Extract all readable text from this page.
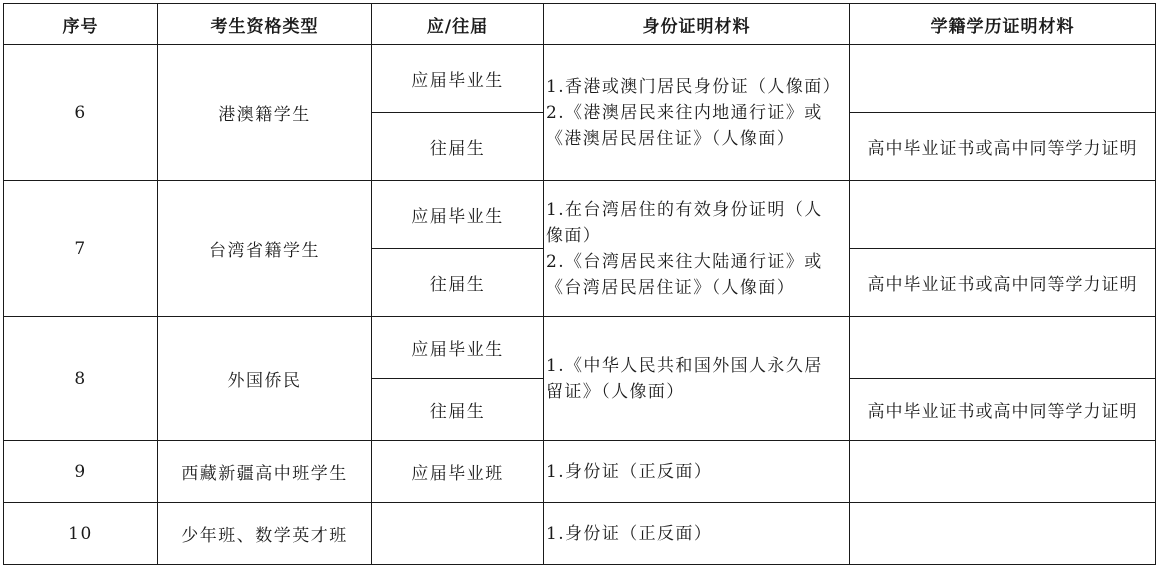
序号	考生资格类型	应/往届	身份证明材料	学籍学历证明材料
6	港澳籍学生	应届毕业生	1.香港或澳门居民身份证（人像面）
2.《港澳居民来往内地通行证》或
《港澳居民居住证》（人像面）	

		往届生		高中毕业证书或高中同等学力证明
7	台湾省籍学生	应届毕业生	1.在台湾居住的有效身份证明（人
像面）
2.《台湾居民来往大陆通行证》或
《台湾居民居住证》（人像面）	

		往届生		高中毕业证书或高中同等学力证明
8	外国侨民	应届毕业生	1.《中华人民共和国外国人永久居
留证》（人像面）	

		往届生		高中毕业证书或高中同等学力证明
9	西藏新疆高中班学生	应届毕业班	1.身份证（正反面）	

10	少年班、数学英才班		1.身份证（正反面）	
